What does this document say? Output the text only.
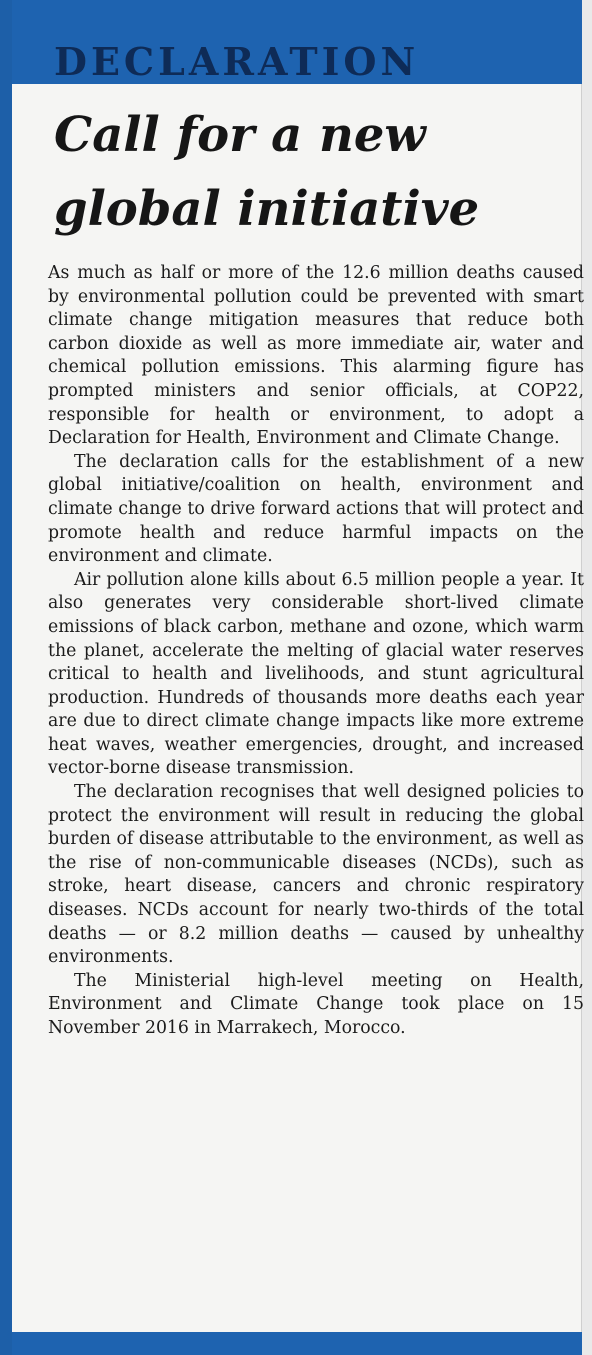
DECLARATION
Call for a new global initiative

As much as half or more of the 12.6 million deaths caused by environmental pollution could be prevented with smart climate change mitigation measures that reduce both carbon dioxide as well as more immediate air, water and chemical pollution emissions. This alarming figure has prompted ministers and senior officials, at COP22, responsible for health or environment, to adopt a Declaration for Health, Environment and Climate Change.

The declaration calls for the establishment of a new global initiative/coalition on health, environment and climate change to drive forward actions that will protect and promote health and reduce harmful impacts on the environment and climate.

Air pollution alone kills about 6.5 million people a year. It also generates very considerable short-lived climate emissions of black carbon, methane and ozone, which warm the planet, accelerate the melting of glacial water reserves critical to health and livelihoods, and stunt agricultural production. Hundreds of thousands more deaths each year are due to direct climate change impacts like more extreme heat waves, weather emergencies, drought, and increased vector-borne disease transmission.

The declaration recognises that well designed policies to protect the environment will result in reducing the global burden of disease attributable to the environment, as well as the rise of non-communicable diseases (NCDs), such as stroke, heart disease, cancers and chronic respiratory diseases. NCDs account for nearly two-thirds of the total deaths — or 8.2 million deaths — caused by unhealthy environments.

The Ministerial high-level meeting on Health, Environment and Climate Change took place on 15 November 2016 in Marrakech, Morocco.
